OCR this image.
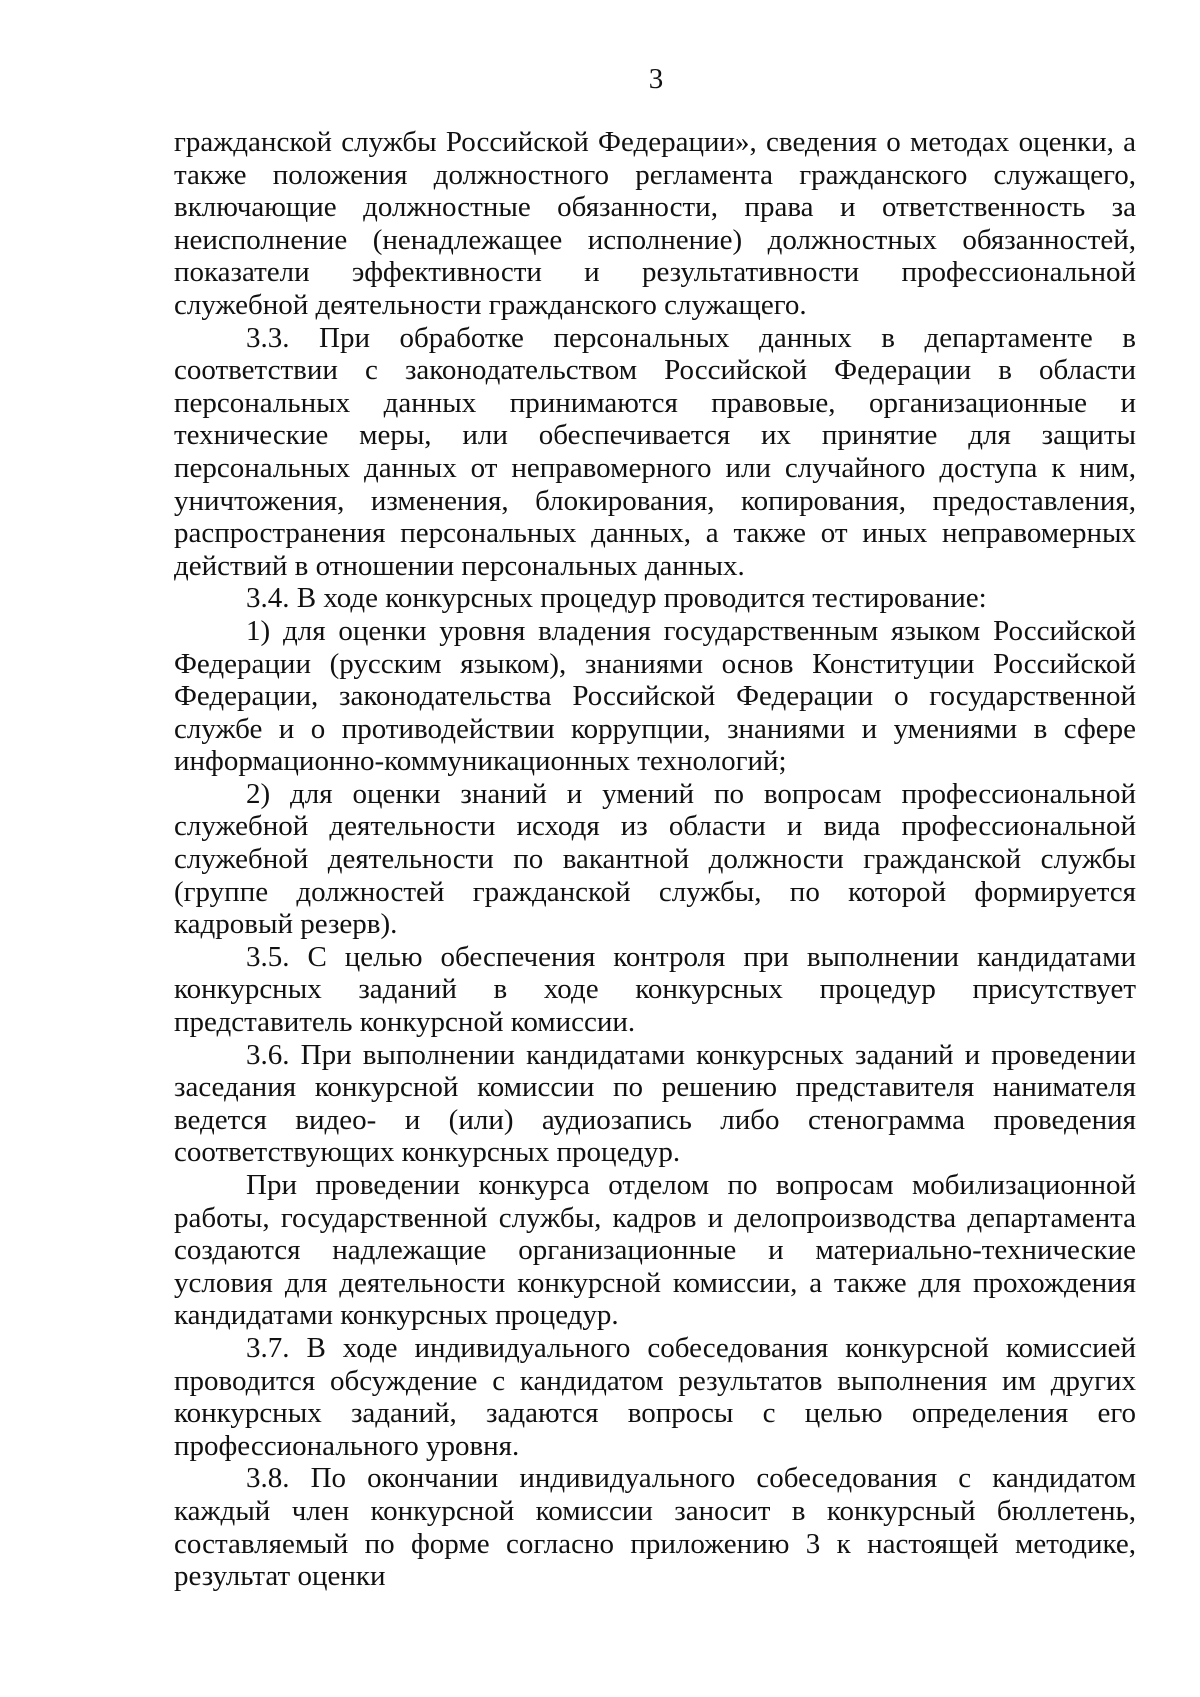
3

гражданской службы Российской Федерации», сведения о методах оценки, а также положения должностного регламента гражданского служащего, включающие должностные обязанности, права и ответственность за неисполнение (ненадлежащее исполнение) должностных обязанностей, показатели эффективности и результативности профессиональной служебной деятельности гражданского служащего.

3.3. При обработке персональных данных в департаменте в соответствии с законодательством Российской Федерации в области персональных данных принимаются правовые, организационные и технические меры, или обеспечивается их принятие для защиты персональных данных от неправомерного или случайного доступа к ним, уничтожения, изменения, блокирования, копирования, предоставления, распространения персональных данных, а также от иных неправомерных действий в отношении персональных данных.

3.4. В ходе конкурсных процедур проводится тестирование:

1) для оценки уровня владения государственным языком Российской Федерации (русским языком), знаниями основ Конституции Российской Федерации, законодательства Российской Федерации о государственной службе и о противодействии коррупции, знаниями и умениями в сфере информационно-коммуникационных технологий;

2) для оценки знаний и умений по вопросам профессиональной служебной деятельности исходя из области и вида профессиональной служебной деятельности по вакантной должности гражданской службы (группе должностей гражданской службы, по которой формируется кадровый резерв).

3.5. С целью обеспечения контроля при выполнении кандидатами конкурсных заданий в ходе конкурсных процедур присутствует представитель конкурсной комиссии.

3.6. При выполнении кандидатами конкурсных заданий и проведении заседания конкурсной комиссии по решению представителя нанимателя ведется видео- и (или) аудиозапись либо стенограмма проведения соответствующих конкурсных процедур.

При проведении конкурса отделом по вопросам мобилизационной работы, государственной службы, кадров и делопроизводства департамента создаются надлежащие организационные и материально-технические условия для деятельности конкурсной комиссии, а также для прохождения кандидатами конкурсных процедур.

3.7. В ходе индивидуального собеседования конкурсной комиссией проводится обсуждение с кандидатом результатов выполнения им других конкурсных заданий, задаются вопросы с целью определения его профессионального уровня.

3.8. По окончании индивидуального собеседования с кандидатом каждый член конкурсной комиссии заносит в конкурсный бюллетень, составляемый по форме согласно приложению 3 к настоящей методике, результат оценки
